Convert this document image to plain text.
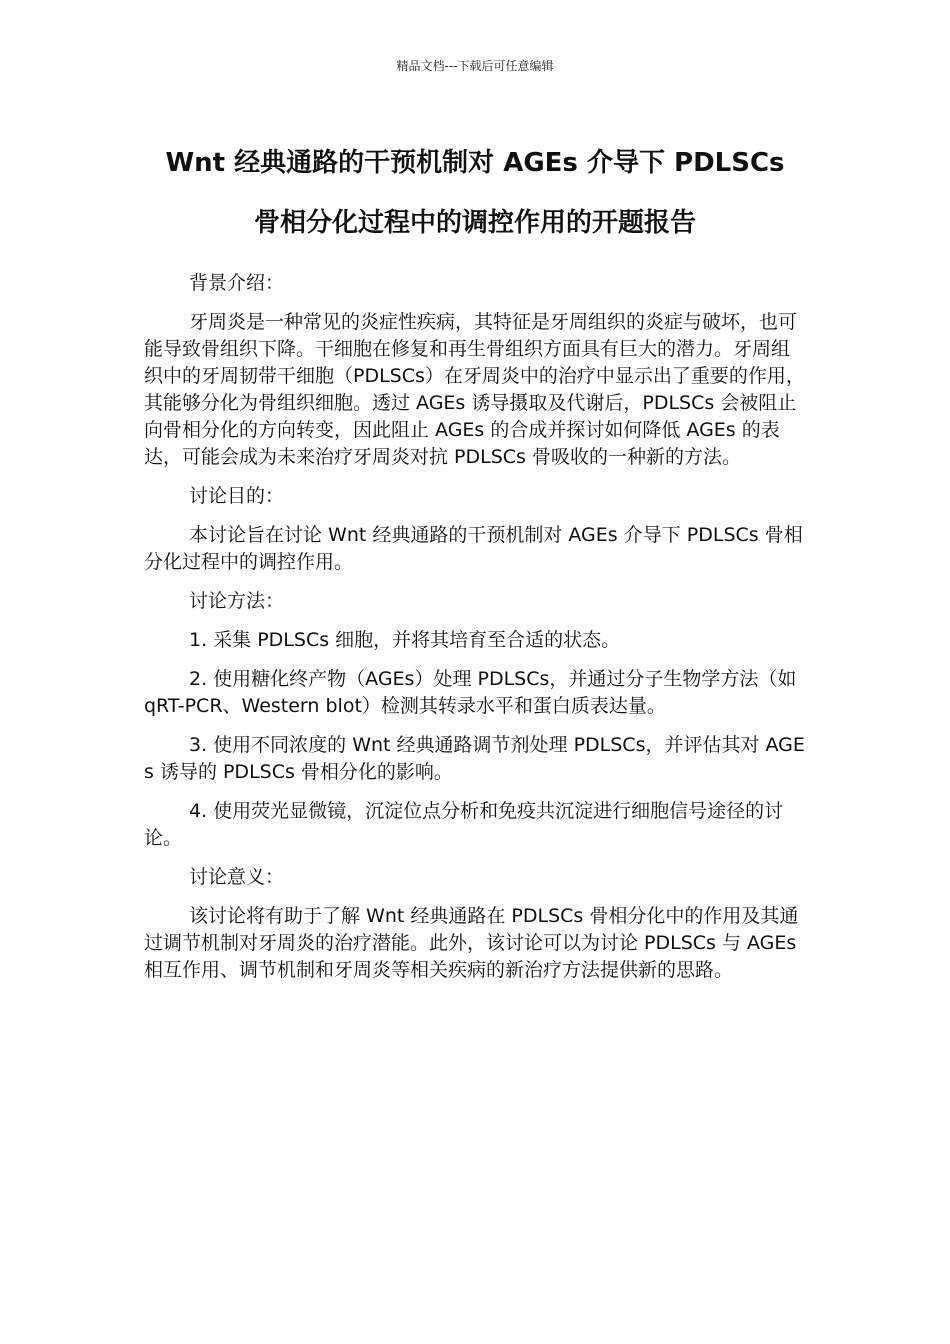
精品文档---下载后可任意编辑
Wnt 经典通路的干预机制对 AGEs 介导下 PDLSCs
骨相分化过程中的调控作用的开题报告

背景介绍：

牙周炎是一种常见的炎症性疾病，其特征是牙周组织的炎症与破坏，也可能导致骨组织下降。干细胞在修复和再生骨组织方面具有巨大的潜力。牙周组织中的牙周韧带干细胞（PDLSCs）在牙周炎中的治疗中显示出了重要的作用，其能够分化为骨组织细胞。透过 AGEs 诱导摄取及代谢后，PDLSCs 会被阻止向骨相分化的方向转变，因此阻止 AGEs 的合成并探讨如何降低 AGEs 的表达，可能会成为未来治疗牙周炎对抗 PDLSCs 骨吸收的一种新的方法。

讨论目的：

本讨论旨在讨论 Wnt 经典通路的干预机制对 AGEs 介导下 PDLSCs 骨相分化过程中的调控作用。

讨论方法：

1. 采集 PDLSCs 细胞，并将其培育至合适的状态。

2. 使用糖化终产物（AGEs）处理 PDLSCs，并通过分子生物学方法（如 qRT-PCR、Western blot）检测其转录水平和蛋白质表达量。

3. 使用不同浓度的 Wnt 经典通路调节剂处理 PDLSCs，并评估其对 AGEs 诱导的 PDLSCs 骨相分化的影响。

4. 使用荧光显微镜，沉淀位点分析和免疫共沉淀进行细胞信号途径的讨论。

讨论意义：

该讨论将有助于了解 Wnt 经典通路在 PDLSCs 骨相分化中的作用及其通过调节机制对牙周炎的治疗潜能。此外，该讨论可以为讨论 PDLSCs 与 AGEs 相互作用、调节机制和牙周炎等相关疾病的新治疗方法提供新的思路。
